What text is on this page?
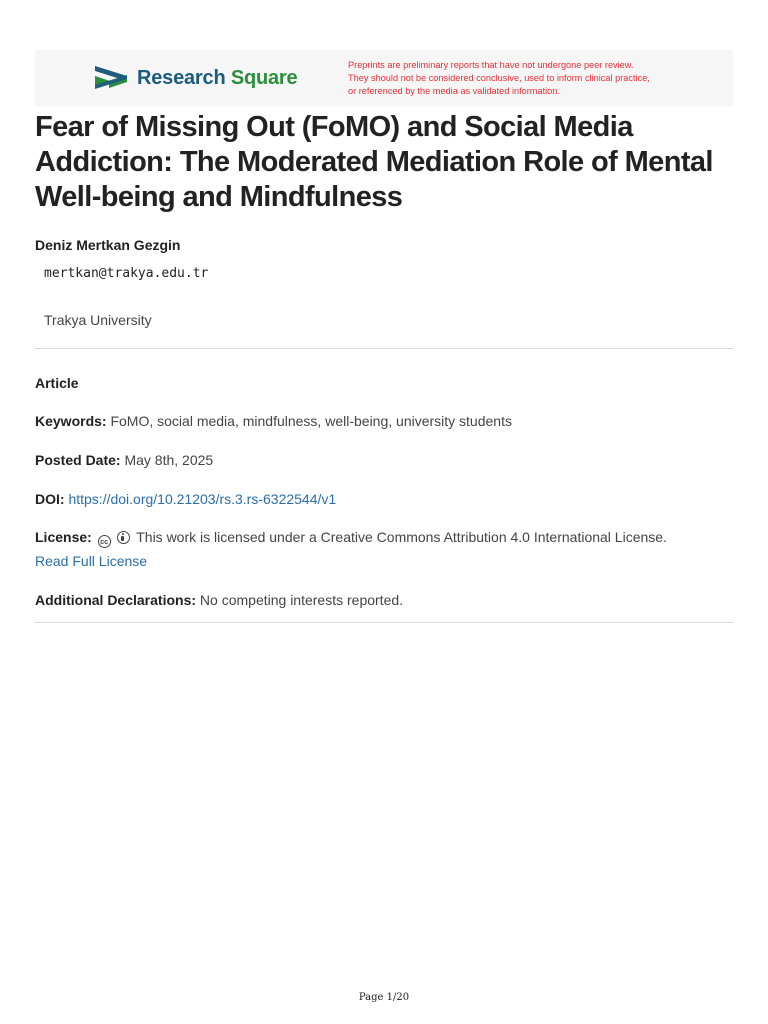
Research Square
Preprints are preliminary reports that have not undergone peer review.
They should not be considered conclusive, used to inform clinical practice,
or referenced by the media as validated information.
Fear of Missing Out (FoMO) and Social Media
Addiction: The Moderated Mediation Role of Mental
Well-being and Mindfulness
Deniz Mertkan Gezgin
mertkan@trakya.edu.tr
Trakya University
Article
Keywords: FoMO, social media, mindfulness, well-being, university students
Posted Date: May 8th, 2025
DOI: https://doi.org/10.21203/rs.3.rs-6322544/v1
License: cc This work is licensed under a Creative Commons Attribution 4.0 International License.
Read Full License
Additional Declarations: No competing interests reported.
Page 1/20
